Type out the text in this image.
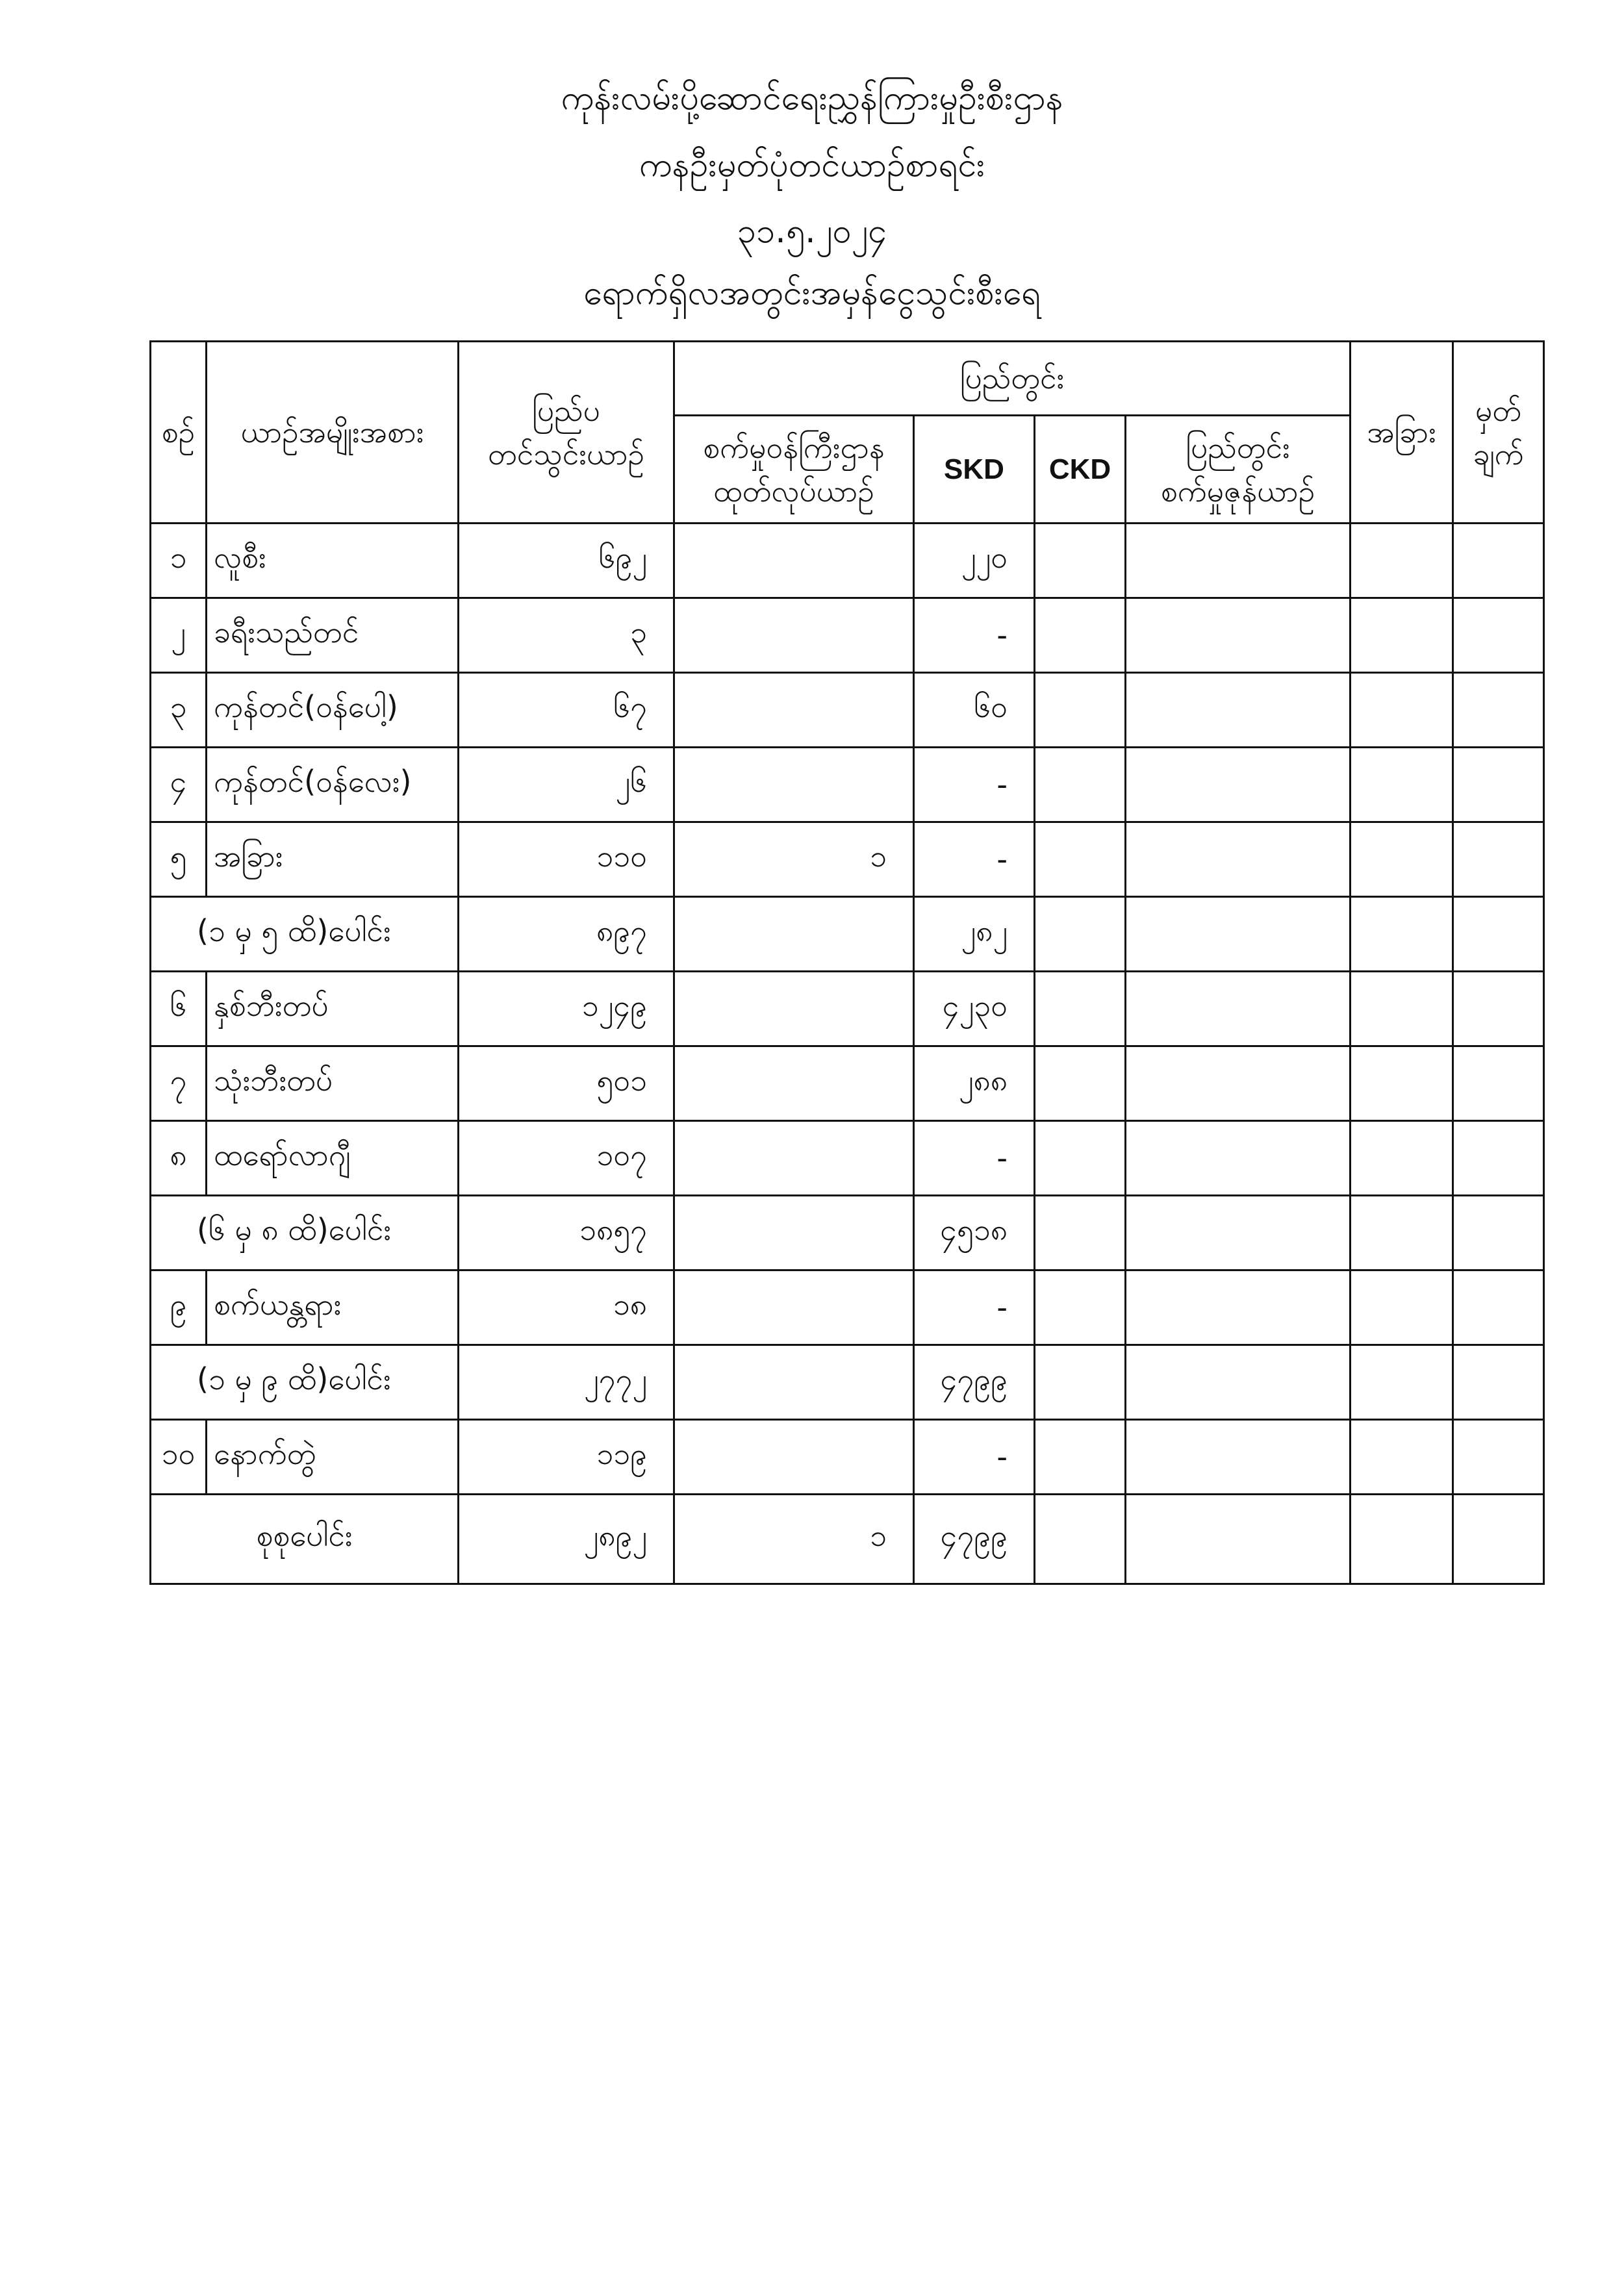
ကုန်းလမ်းပို့ဆောင်ရေးညွှန်ကြားမှုဦးစီးဌာန
ကနဦးမှတ်ပုံတင်ယာဉ်စာရင်း
၃၁.၅.၂၀၂၄
ရောက်ရှိလအတွင်းအမှန်ငွေသွင်းစီးရေ
စဉ်	ယာဉ်အမျိုးအစား	ပြည်ပ
တင်သွင်းယာဉ်	ပြည်တွင်း				အခြား	မှတ်
ချက်
			စက်မှုဝန်ကြီးဌာန
ထုတ်လုပ်ယာဉ်	SKD	CKD	ပြည်တွင်း
စက်မှုဇုန်ယာဉ်		
၁	လူစီး	၆၉၂		၂၂၀				
၂	ခရီးသည်တင်	၃		-				
၃	ကုန်တင်(ဝန်ပေါ့)	၆၇		၆၀				
၄	ကုန်တင်(ဝန်လေး)	၂၆		-				
၅	အခြား	၁၁၀	၁	-				
(၁ မှ ၅ ထိ)ပေါင်း		၈၉၇		၂၈၂				
၆	နှစ်ဘီးတပ်	၁၂၄၉		၄၂၃၀				
၇	သုံးဘီးတပ်	၅၀၁		၂၈၈				
၈	ထရော်လာဂျီ	၁၀၇		-				
(၆ မှ ၈ ထိ)ပေါင်း		၁၈၅၇		၄၅၁၈				
၉	စက်ယန္တရား	၁၈		-				
(၁ မှ ၉ ထိ)ပေါင်း		၂၇၇၂		၄၇၉၉				
၁၀	နောက်တွဲ	၁၁၉		-				
စုစုပေါင်း		၂၈၉၂	၁	၄၇၉၉				
